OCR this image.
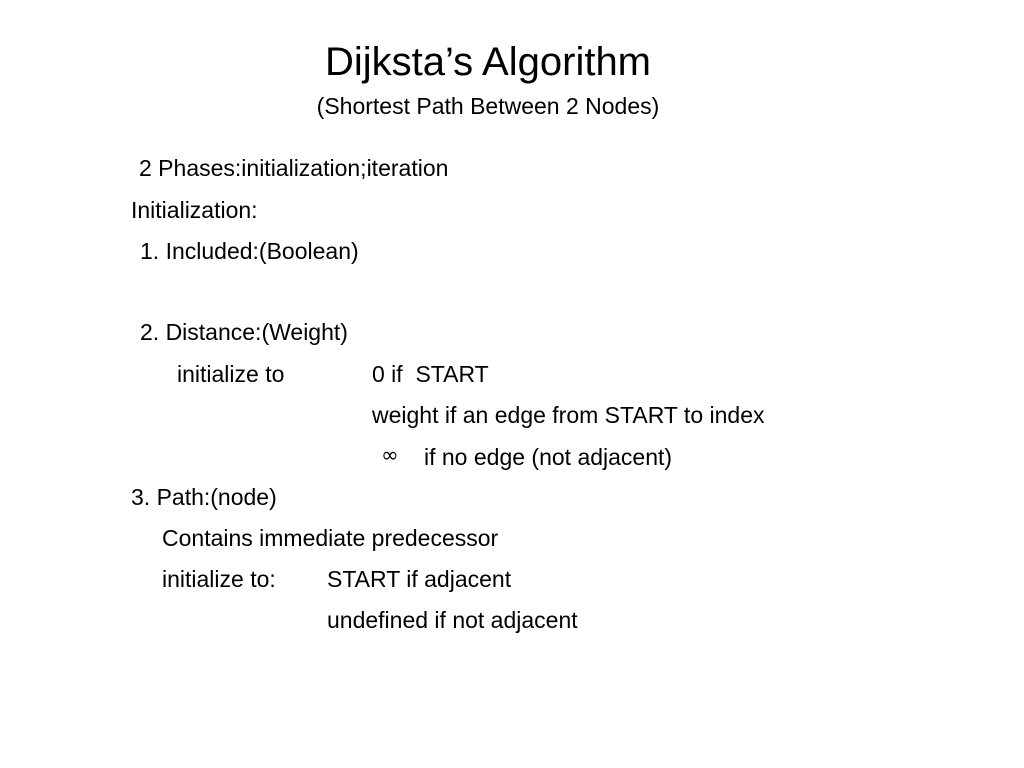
Dijksta’s Algorithm
(Shortest Path Between 2 Nodes)
2 Phases:initialization;iteration
Initialization:
1. Included:(Boolean)
2. Distance:(Weight)
initialize to	0 if  START
weight if an edge from START to index
∞ if no edge (not adjacent)
3. Path:(node)
Contains immediate predecessor
initialize to: START if adjacent
undefined if not adjacent
